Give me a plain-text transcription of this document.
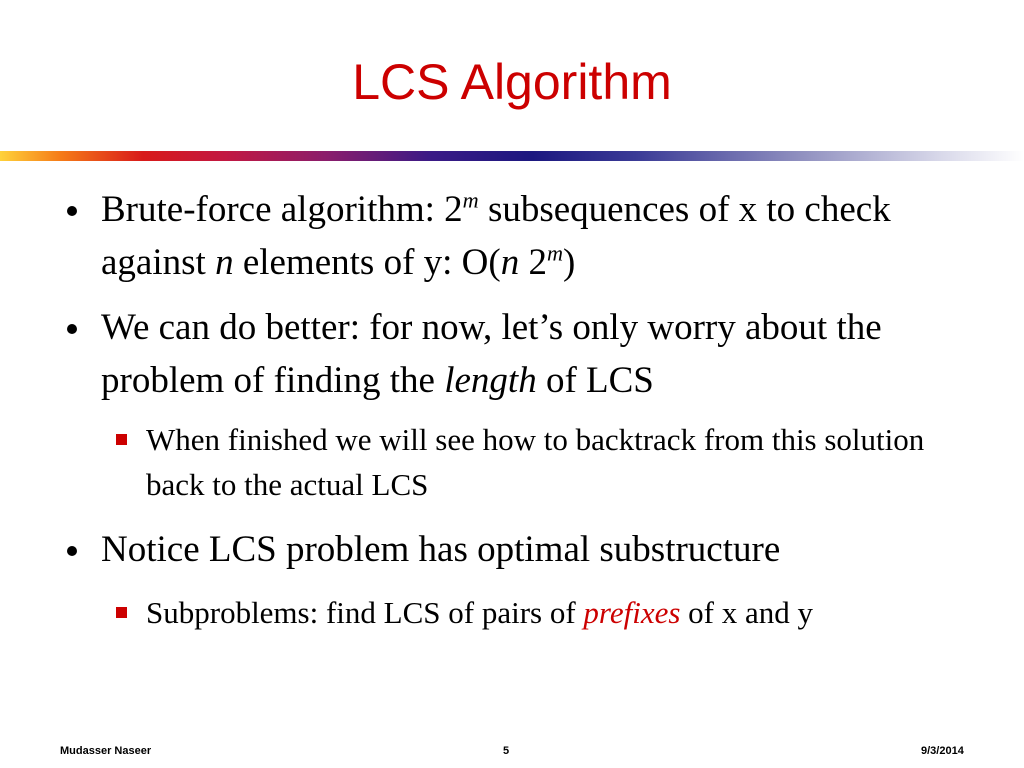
LCS Algorithm
Brute-force algorithm: 2$^m$ subsequences of x to check against n elements of y: O(n 2$^m$)
We can do better: for now, let’s only worry about the problem of finding the length of LCS
When finished we will see how to backtrack from this solution back to the actual LCS
Notice LCS problem has optimal substructure
Subproblems: find LCS of pairs of prefixes of x and y
Mudasser Naseer	5	9/3/2014
